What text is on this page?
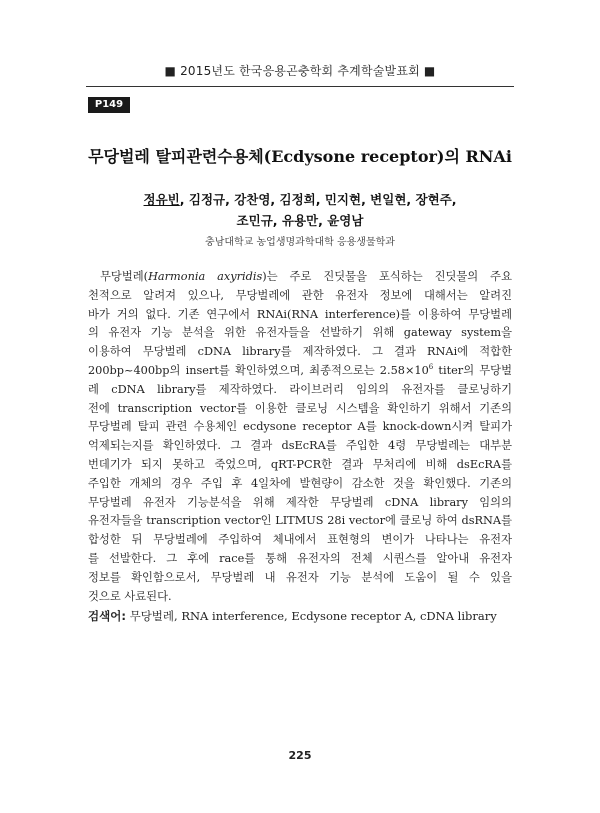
■ 2015년도 한국응용곤충학회 추계학술발표회 ■
P149
무당벌레 탈피관련수용체(Ecdysone receptor)의 RNAi
정유빈, 김정규, 강찬영, 김정희, 민지현, 변일현, 장현주,
조민규, 유용만, 윤영남
충남대학교 농업생명과학대학 응용생물학과
무당벌레(Harmonia axyridis)는 주로 진딧물을 포식하는 진딧물의 주요
천적으로 알려져 있으나, 무당벌레에 관한 유전자 정보에 대해서는 알려진
바가 거의 없다. 기존 연구에서 RNAi(RNA interference)를 이용하여 무당벌레
의 유전자 기능 분석을 위한 유전자들을 선발하기 위해 gateway system을
이용하여 무당벌레 cDNA library를 제작하였다. 그 결과 RNAi에 적합한
200bp~400bp의 insert를 확인하였으며, 최종적으로는 $2.58\times 10^6$ titer의 무당벌
레 cDNA library를 제작하였다. 라이브러리 임의의 유전자를 클로닝하기
전에 transcription vector를 이용한 클로닝 시스템을 확인하기 위해서 기존의
무당벌레 탈피 관련 수용체인 ecdysone receptor A를 knock-down시켜 탈피가
억제되는지를 확인하였다. 그 결과 dsEcRA를 주입한 4령 무당벌레는 대부분
번데기가 되지 못하고 죽었으며, qRT-PCR한 결과 무처리에 비해 dsEcRA를
주입한 개체의 경우 주입 후 4일차에 발현량이 감소한 것을 확인했다. 기존의
무당벌레 유전자 기능분석을 위해 제작한 무당벌레 cDNA library 임의의
유전자들을 transcription vector인 LITMUS 28i vector에 클로닝 하여 dsRNA를
합성한 뒤 무당벌레에 주입하여 체내에서 표현형의 변이가 나타나는 유전자
를 선발한다. 그 후에 race를 통해 유전자의 전체 시퀀스를 알아내 유전자
정보를 확인함으로서, 무당벌레 내 유전자 기능 분석에 도움이 될 수 있을
것으로 사료된다.
검색어: 무당벌레, RNA interference, Ecdysone receptor A, cDNA library
225
